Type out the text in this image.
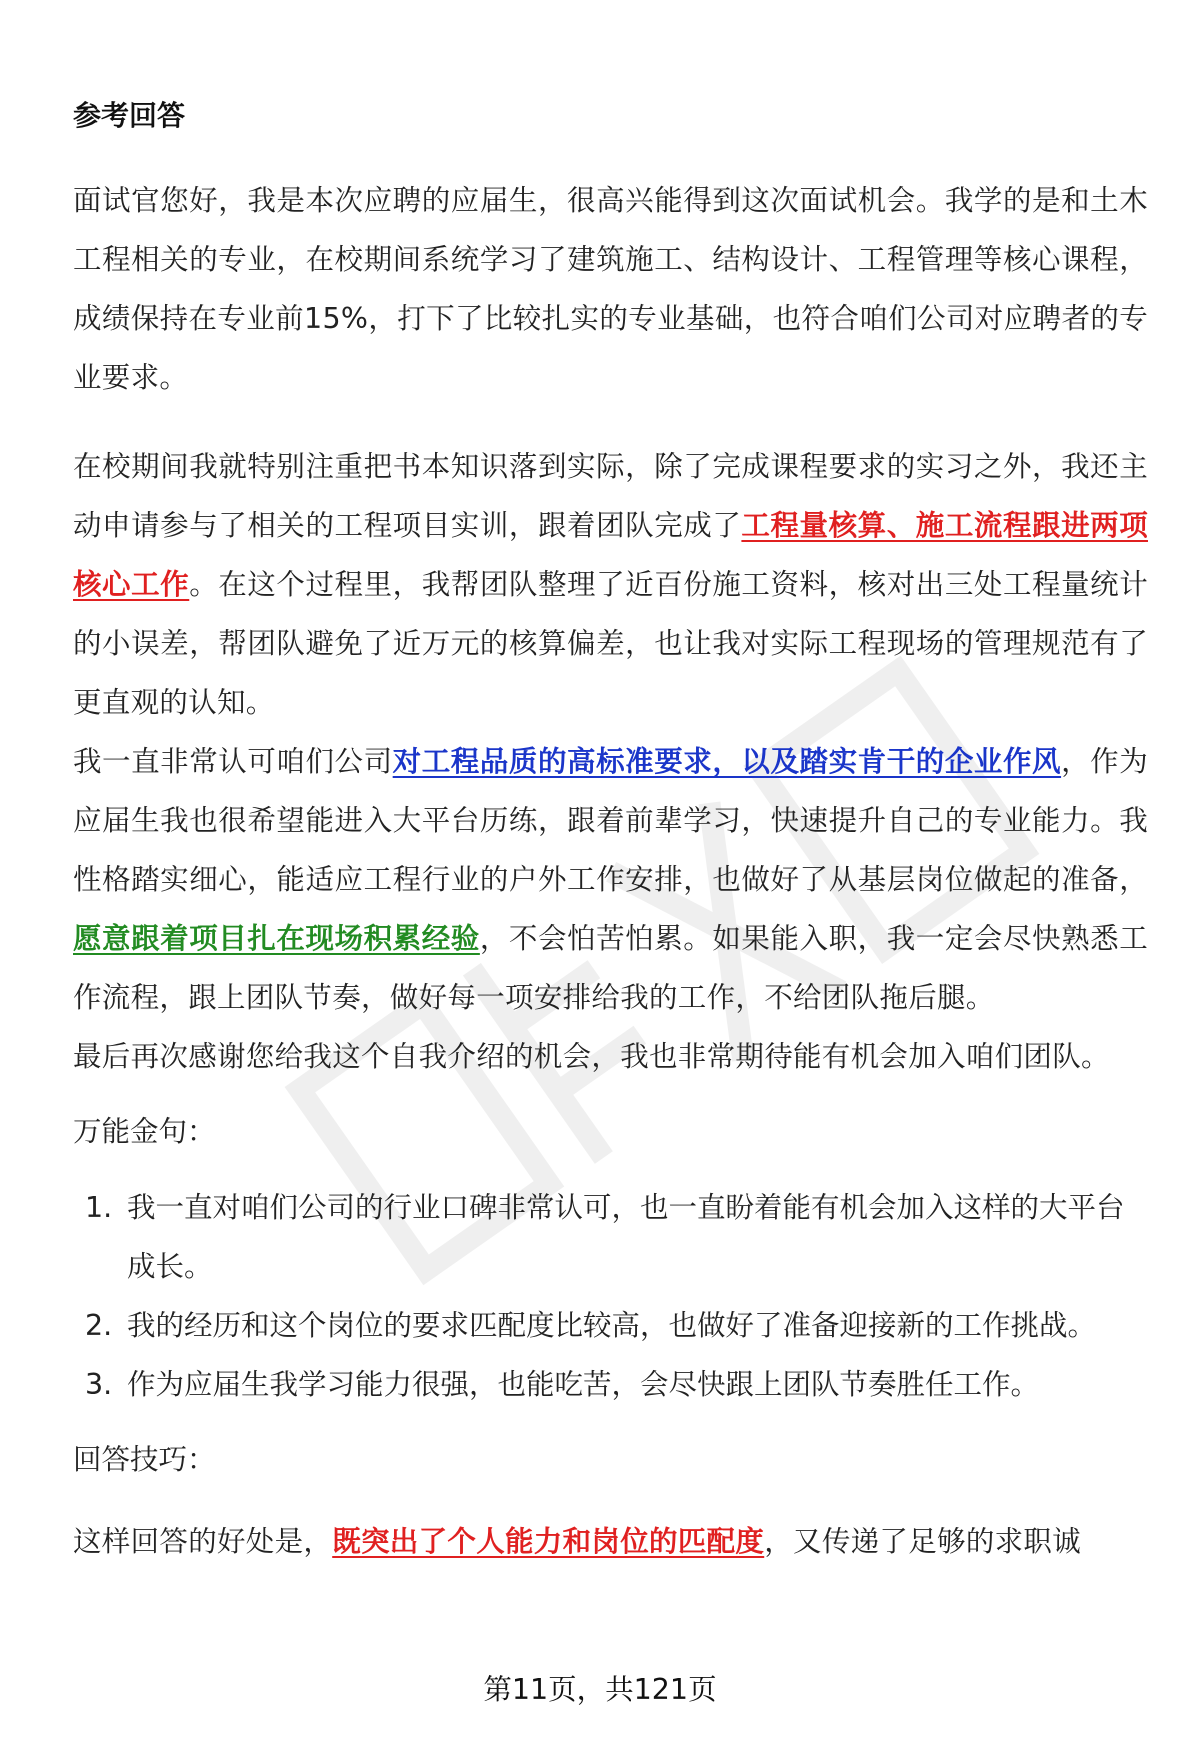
参考回答

面试官您好，我是本次应聘的应届生，很高兴能得到这次面试机会。我学的是和土木工程相关的专业，在校期间系统学习了建筑施工、结构设计、工程管理等核心课程，成绩保持在专业前15%，打下了比较扎实的专业基础，也符合咱们公司对应聘者的专业要求。

在校期间我就特别注重把书本知识落到实际，除了完成课程要求的实习之外，我还主动申请参与了相关的工程项目实训，跟着团队完成了工程量核算、施工流程跟进两项核心工作。在这个过程里，我帮团队整理了近百份施工资料，核对出三处工程量统计的小误差，帮团队避免了近万元的核算偏差，也让我对实际工程现场的管理规范有了更直观的认知。

我一直非常认可咱们公司对工程品质的高标准要求，以及踏实肯干的企业作风，作为应届生我也很希望能进入大平台历练，跟着前辈学习，快速提升自己的专业能力。我性格踏实细心，能适应工程行业的户外工作安排，也做好了从基层岗位做起的准备，愿意跟着项目扎在现场积累经验，不会怕苦怕累。如果能入职，我一定会尽快熟悉工作流程，跟上团队节奏，做好每一项安排给我的工作，不给团队拖后腿。

最后再次感谢您给我这个自我介绍的机会，我也非常期待能有机会加入咱们团队。

万能金句：

1. 我一直对咱们公司的行业口碑非常认可，也一直盼着能有机会加入这样的大平台成长。
2. 我的经历和这个岗位的要求匹配度比较高，也做好了准备迎接新的工作挑战。
3. 作为应届生我学习能力很强，也能吃苦，会尽快跟上团队节奏胜任工作。

回答技巧：

这样回答的好处是，既突出了个人能力和岗位的匹配度，又传递了足够的求职诚

第11页，共121页
